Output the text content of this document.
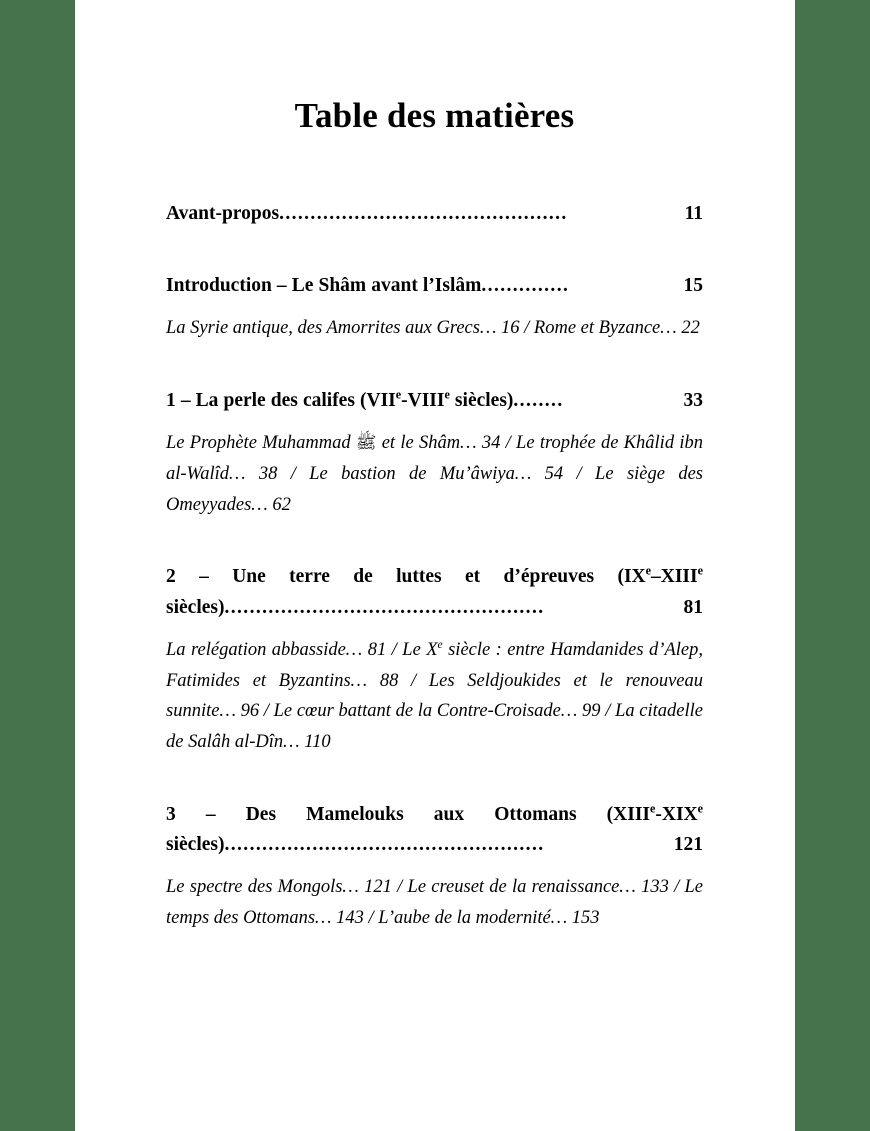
Table des matières
Avant-propos ..............................................	11
Introduction – Le Shâm avant l’Islâm ..............	15

La Syrie antique, des Amorrites aux Grecs… 16 / Rome et Byzance… 22

1 – La perle des califes (VIIe-VIIIe siècles) ........	33

Le Prophète Muhammad ﷺ et le Shâm… 34 / Le trophée de Khâlid ibn al-Walîd… 38 / Le bastion de Mu’âwiya… 54 / Le siège des Omeyyades… 62

2 – Une terre de luttes et d’épreuves (IXe–XIIIe
siècles) ...................................................	81

La relégation abbasside… 81 / Le Xe siècle : entre Hamdanides d’Alep, Fatimides et Byzantins… 88 / Les Seldjoukides et le renouveau sunnite… 96 / Le cœur battant de la Contre-Croisade… 99 / La citadelle de Salâh al-Dîn… 110

3 – Des Mamelouks aux Ottomans (XIIIe-XIXe
siècles) ...................................................	121

Le spectre des Mongols… 121 / Le creuset de la renaissance… 133 / Le temps des Ottomans… 143 / L’aube de la modernité… 153
